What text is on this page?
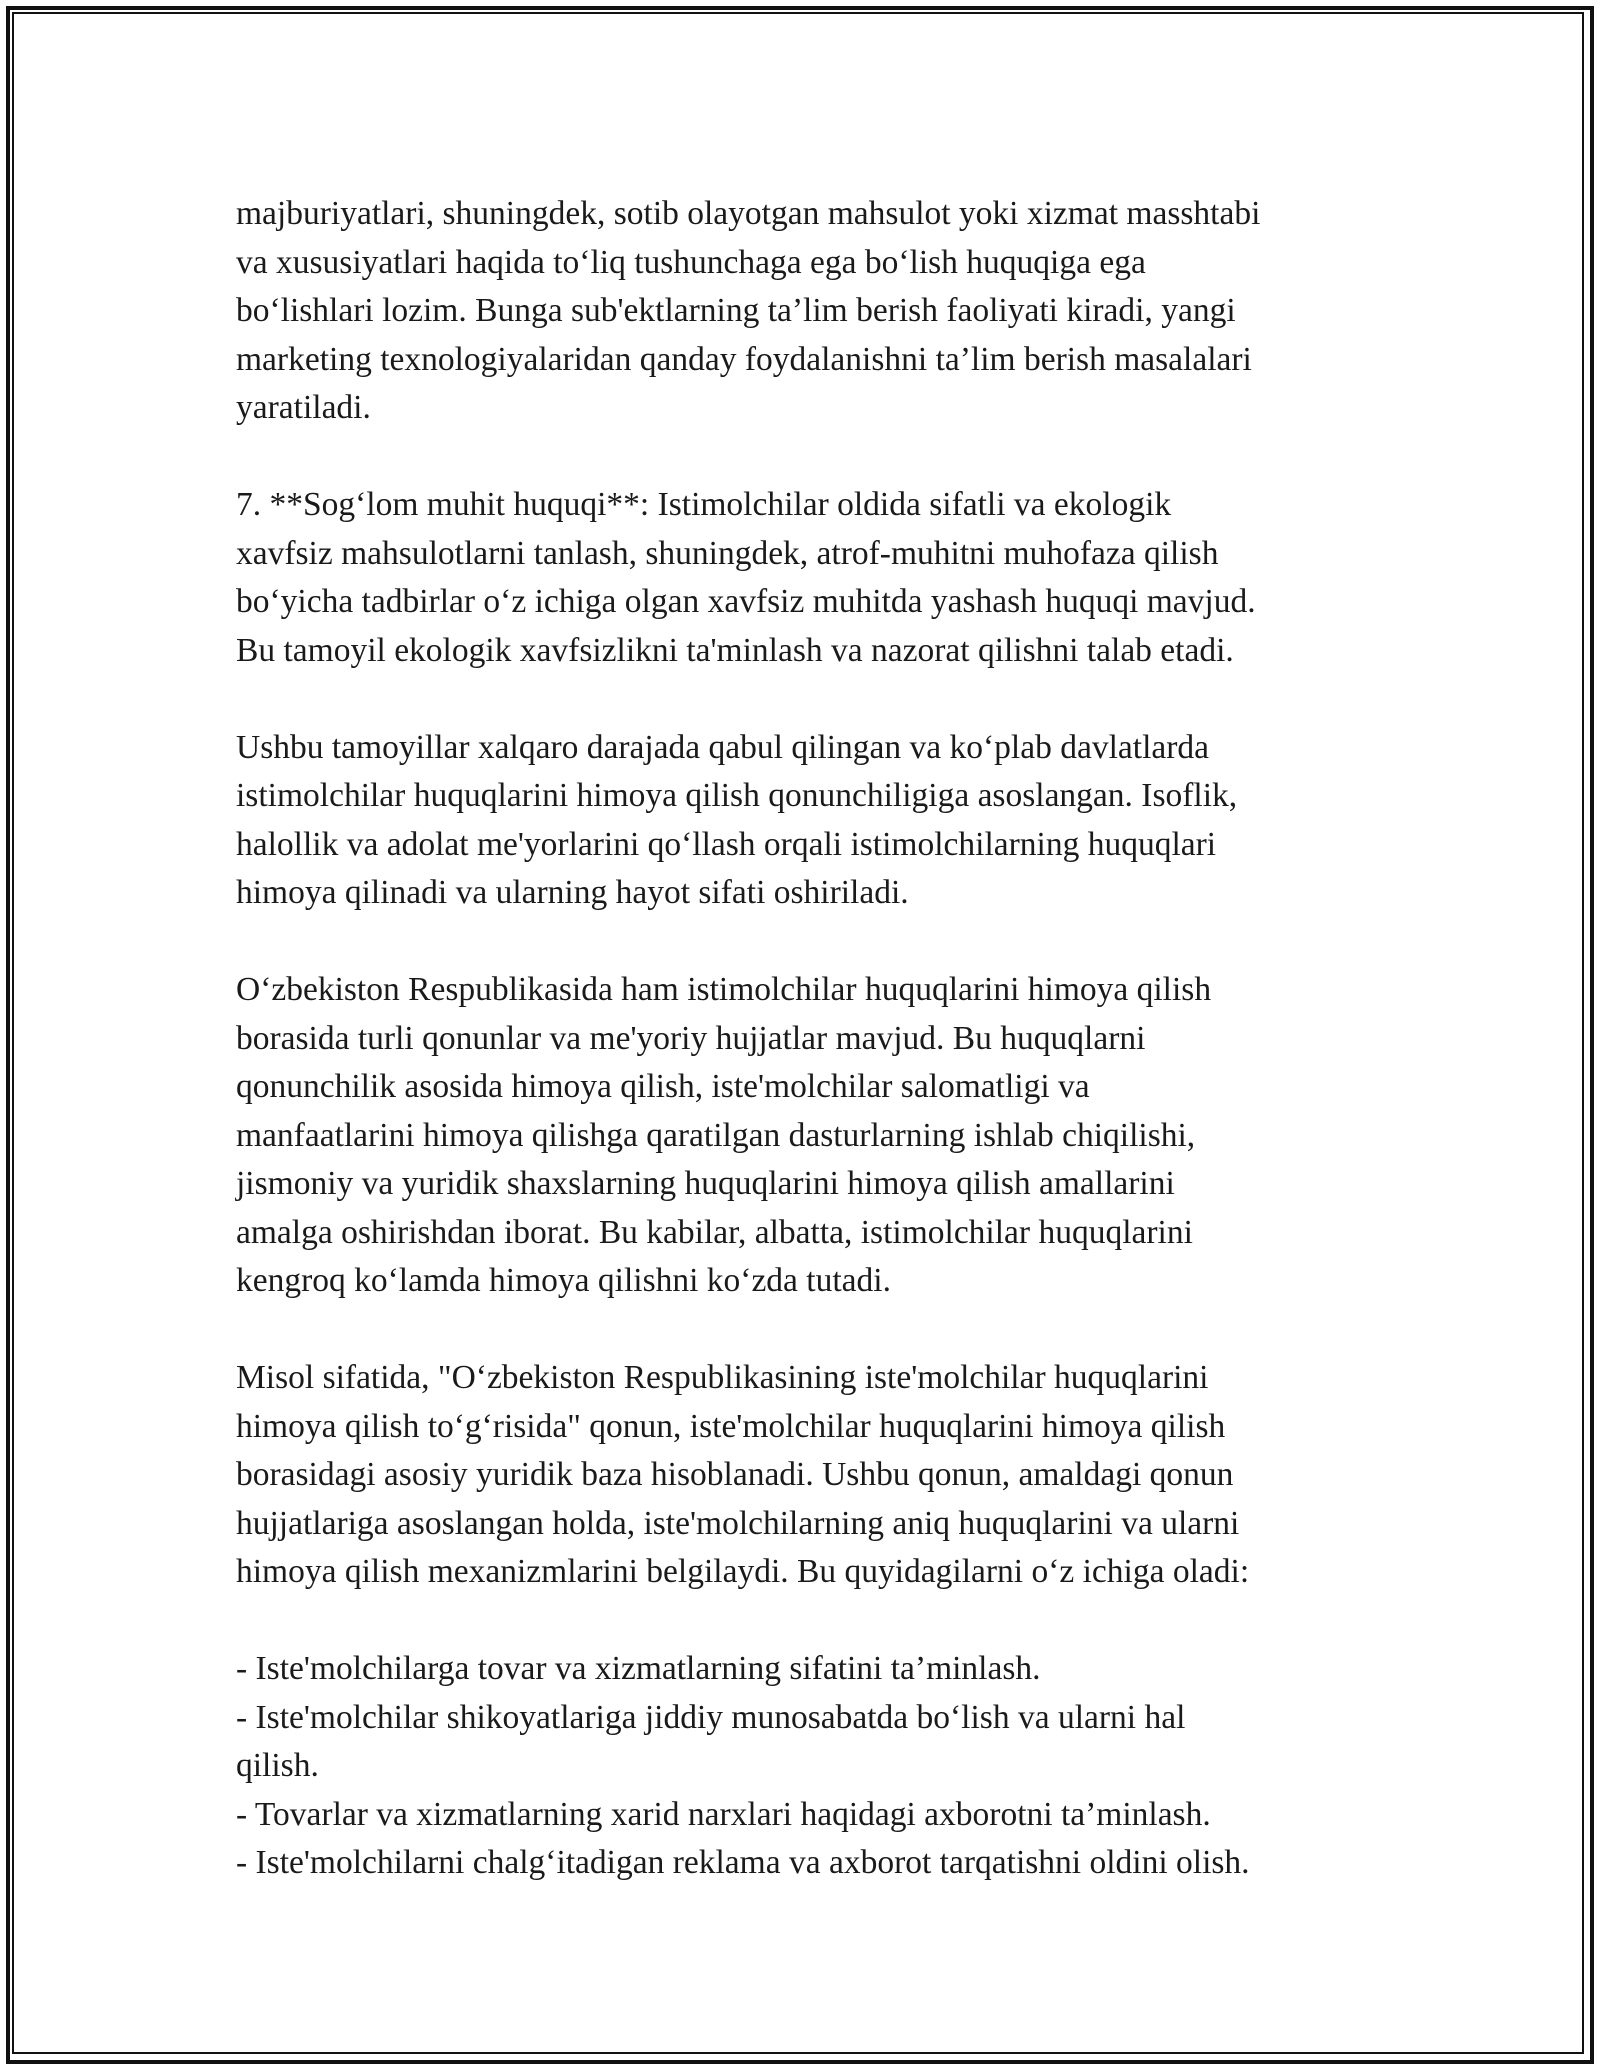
majburiyatlari, shuningdek, sotib olayotgan mahsulot yoki xizmat masshtabi
va xususiyatlari haqida to‘liq tushunchaga ega bo‘lish huquqiga ega
bo‘lishlari lozim. Bunga sub'ektlarning ta’lim berish faoliyati kiradi, yangi
marketing texnologiyalaridan qanday foydalanishni ta’lim berish masalalari
yaratiladi.
7. **Sog‘lom muhit huquqi**: Istimolchilar oldida sifatli va ekologik
xavfsiz mahsulotlarni tanlash, shuningdek, atrof-muhitni muhofaza qilish
bo‘yicha tadbirlar o‘z ichiga olgan xavfsiz muhitda yashash huquqi mavjud.
Bu tamoyil ekologik xavfsizlikni ta'minlash va nazorat qilishni talab etadi.
Ushbu tamoyillar xalqaro darajada qabul qilingan va ko‘plab davlatlarda
istimolchilar huquqlarini himoya qilish qonunchiligiga asoslangan. Isoflik,
halollik va adolat me'yorlarini qo‘llash orqali istimolchilarning huquqlari
himoya qilinadi va ularning hayot sifati oshiriladi.
O‘zbekiston Respublikasida ham istimolchilar huquqlarini himoya qilish
borasida turli qonunlar va me'yoriy hujjatlar mavjud. Bu huquqlarni
qonunchilik asosida himoya qilish, iste'molchilar salomatligi va
manfaatlarini himoya qilishga qaratilgan dasturlarning ishlab chiqilishi,
jismoniy va yuridik shaxslarning huquqlarini himoya qilish amallarini
amalga oshirishdan iborat. Bu kabilar, albatta, istimolchilar huquqlarini
kengroq ko‘lamda himoya qilishni ko‘zda tutadi.
Misol sifatida, "O‘zbekiston Respublikasining iste'molchilar huquqlarini
himoya qilish to‘g‘risida" qonun, iste'molchilar huquqlarini himoya qilish
borasidagi asosiy yuridik baza hisoblanadi. Ushbu qonun, amaldagi qonun
hujjatlariga asoslangan holda, iste'molchilarning aniq huquqlarini va ularni
himoya qilish mexanizmlarini belgilaydi. Bu quyidagilarni o‘z ichiga oladi:
- Iste'molchilarga tovar va xizmatlarning sifatini ta’minlash.
- Iste'molchilar shikoyatlariga jiddiy munosabatda bo‘lish va ularni hal
qilish.
- Tovarlar va xizmatlarning xarid narxlari haqidagi axborotni ta’minlash.
- Iste'molchilarni chalg‘itadigan reklama va axborot tarqatishni oldini olish.
